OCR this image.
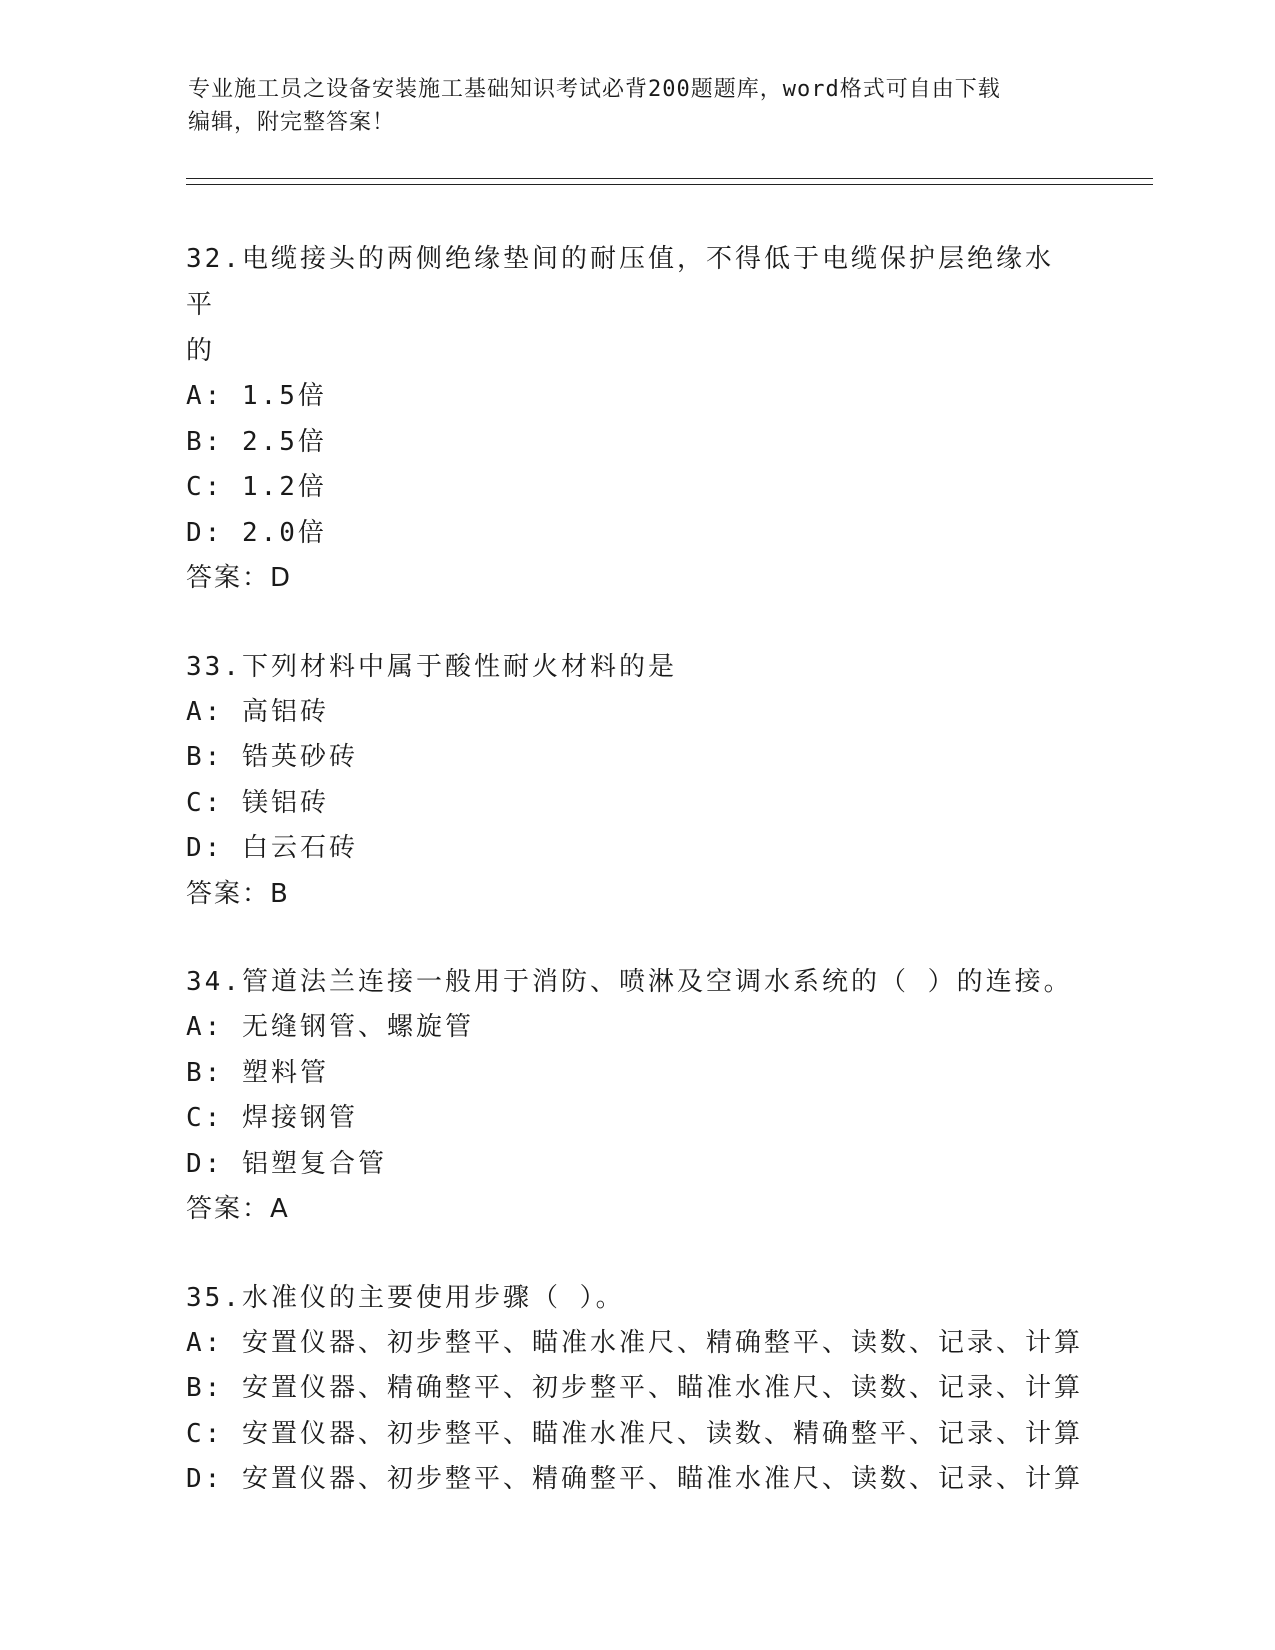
专业施工员之设备安装施工基础知识考试必背200题题库，word格式可自由下载
编辑，附完整答案！

32.电缆接头的两侧绝缘垫间的耐压值，不得低于电缆保护层绝缘水平

的

A: 1.5倍

B: 2.5倍

C: 1.2倍

D: 2.0倍

答案：D

33.下列材料中属于酸性耐火材料的是

A: 高铝砖

B: 锆英砂砖

C: 镁铝砖

D: 白云石砖

答案：B

34.管道法兰连接一般用于消防、喷淋及空调水系统的（ ）的连接。

A: 无缝钢管、螺旋管

B: 塑料管

C: 焊接钢管

D: 铝塑复合管

答案：A

35.水准仪的主要使用步骤（ ）。

A: 安置仪器、初步整平、瞄准水准尺、精确整平、读数、记录、计算

B: 安置仪器、精确整平、初步整平、瞄准水准尺、读数、记录、计算

C: 安置仪器、初步整平、瞄准水准尺、读数、精确整平、记录、计算

D: 安置仪器、初步整平、精确整平、瞄准水准尺、读数、记录、计算
